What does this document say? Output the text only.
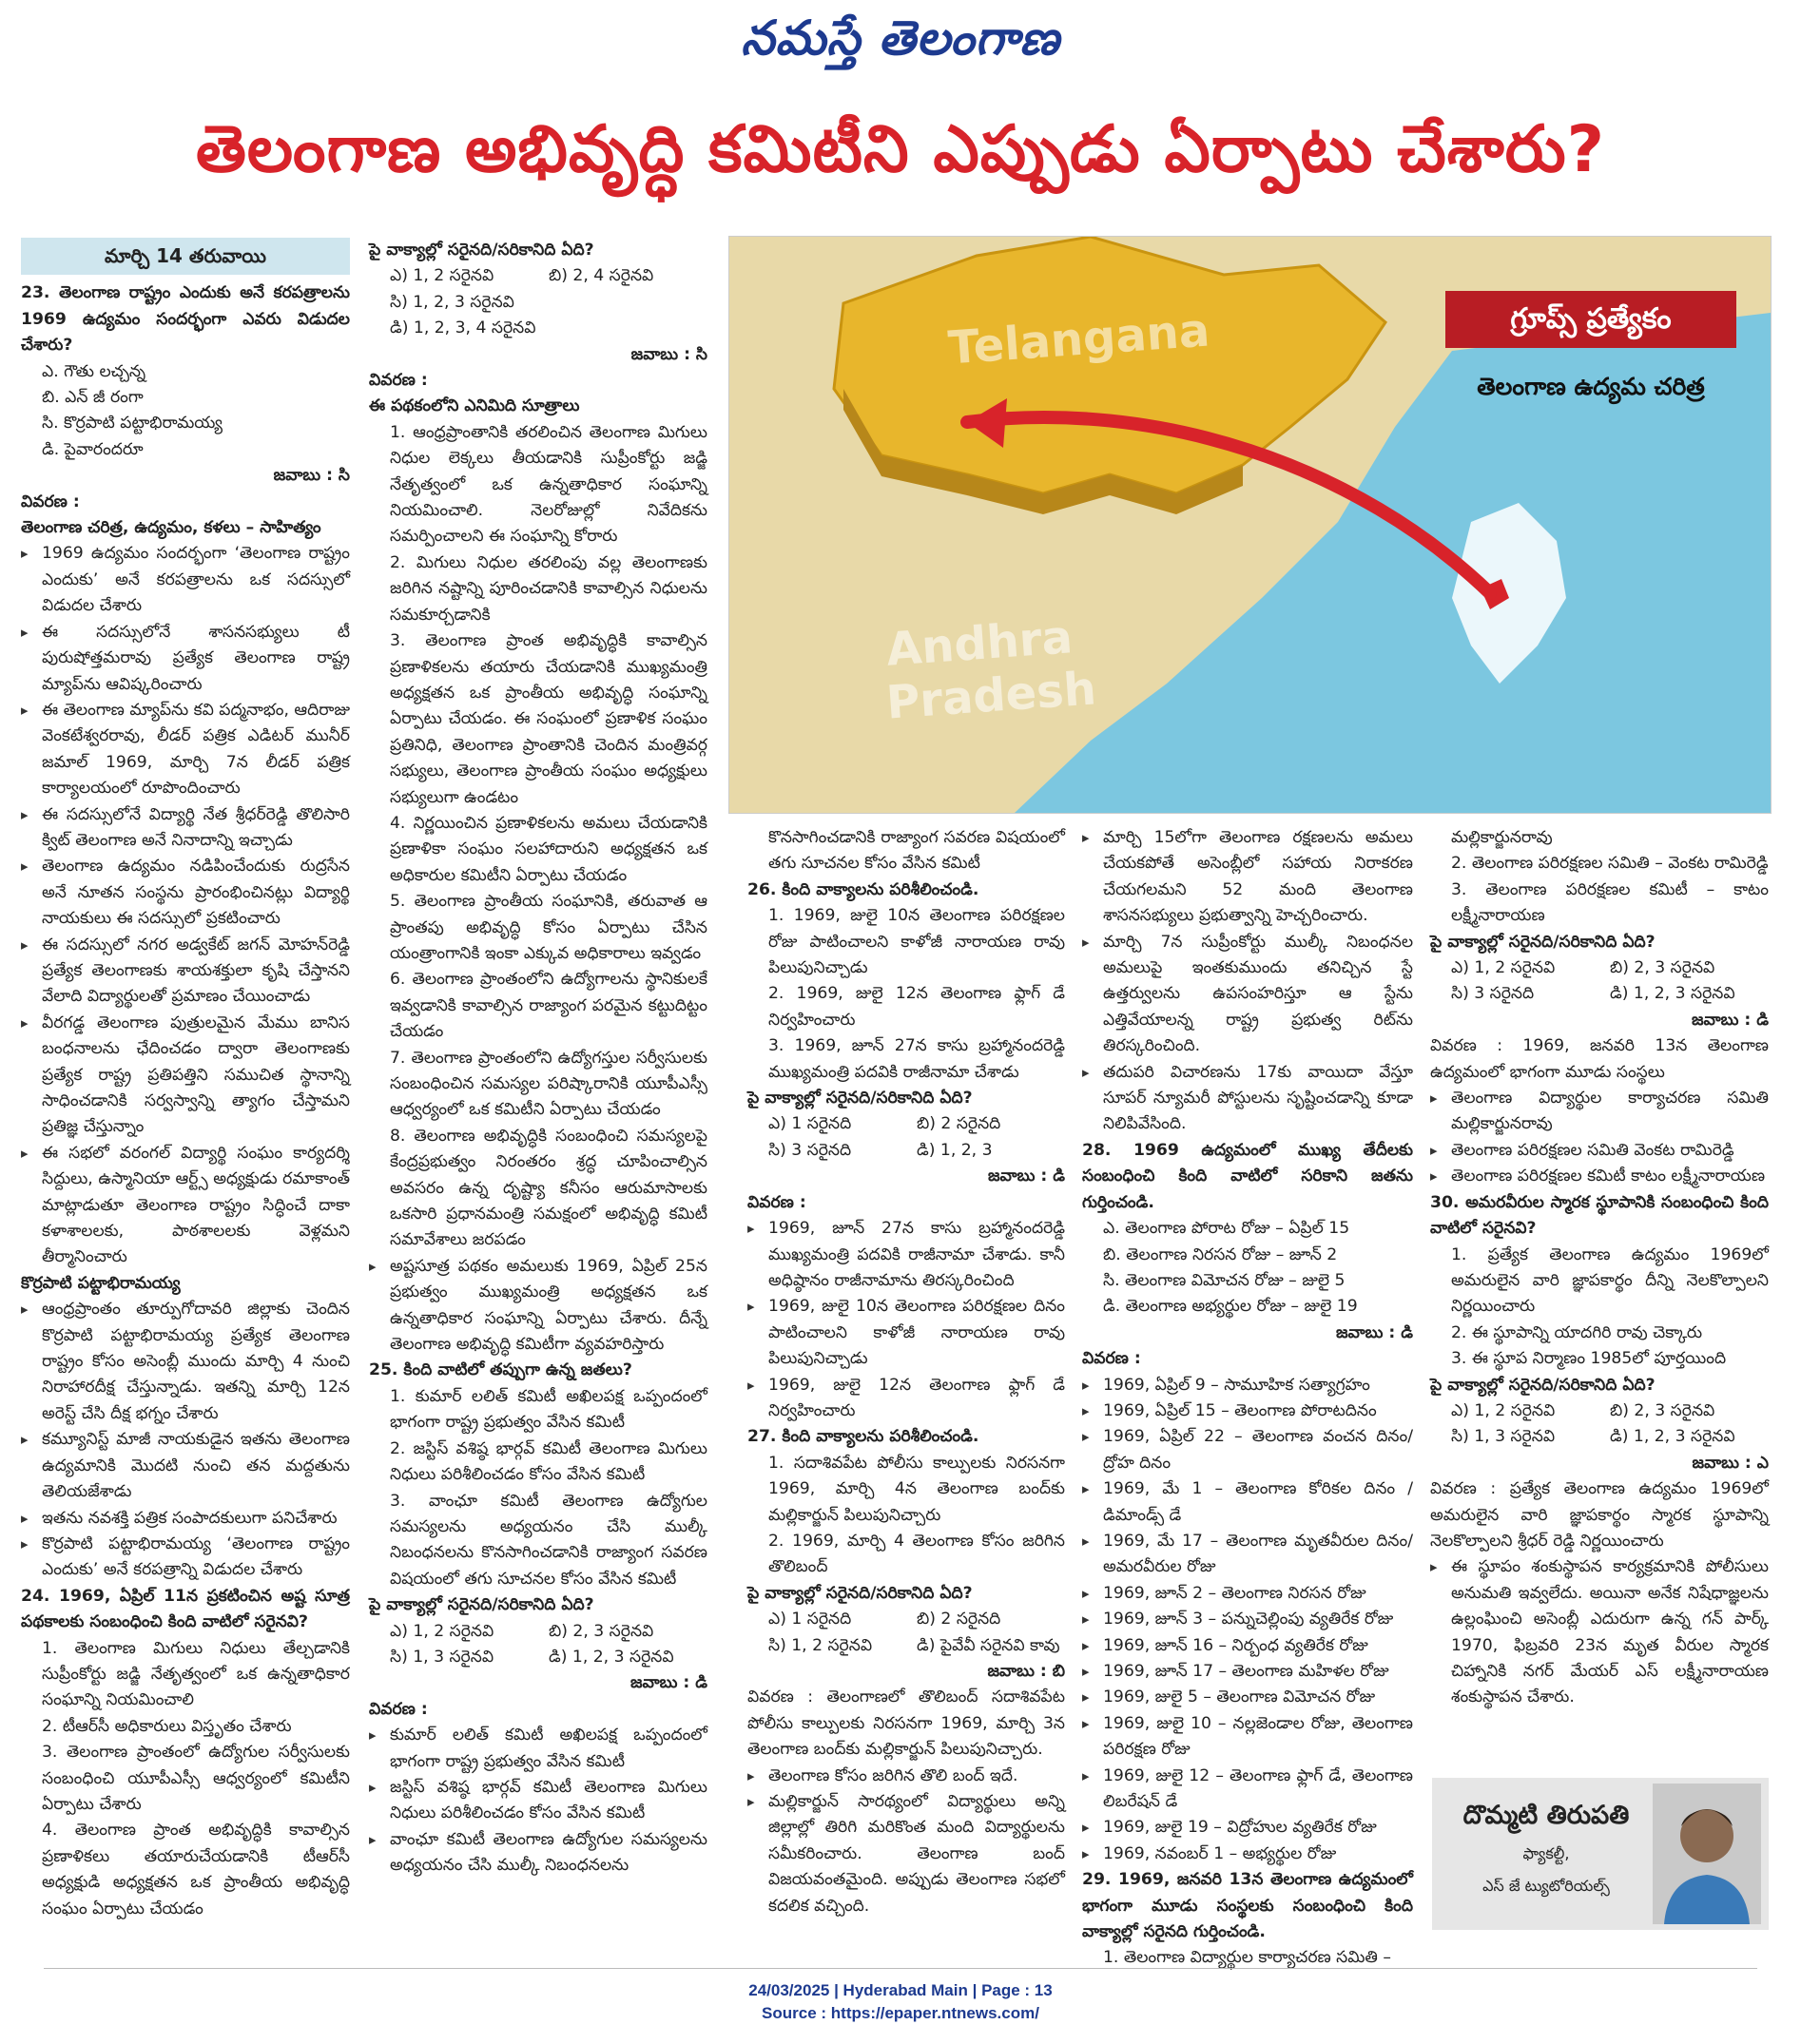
నమస్తే తెలంగాణ
తెలంగాణ అభివృద్ధి కమిటీని ఎప్పుడు ఏర్పాటు చేశారు?
మార్చి 14 తరువాయి

23. తెలంగాణ రాష్ట్రం ఎందుకు అనే కరపత్రాలను 1969 ఉద్యమం సందర్భంగా ఎవరు విడుదల చేశారు?

ఎ. గౌతు లచ్చన్న

బి. ఎన్ జీ రంగా

సి. కొర్రపాటి పట్టాభిరామయ్య

డి. పైవారందరూ

జవాబు : సి

వివరణ :

తెలంగాణ చరిత్ర, ఉద్యమం, కళలు – సాహిత్యం

▸ 1969 ఉద్యమం సందర్భంగా ‘తెలంగాణ రాష్ట్రం ఎందుకు’ అనే కరపత్రాలను ఒక సదస్సులో విడుదల చేశారు

▸ ఈ సదస్సులోనే శాసనసభ్యులు టీ పురుషోత్తమరావు ప్రత్యేక తెలంగాణ రాష్ట్ర మ్యాప్‌ను ఆవిష్కరించారు

▸ ఈ తెలంగాణ మ్యాప్‌ను కవి పద్మనాభం, ఆదిరాజు వెంకటేశ్వరరావు, లీడర్ పత్రిక ఎడిటర్ మునీర్ జమాల్ 1969, మార్చి 7న లీడర్ పత్రిక కార్యాలయంలో రూపొందించారు

▸ ఈ సదస్సులోనే విద్యార్థి నేత శ్రీధర్‌రెడ్డి తొలిసారి క్విట్ తెలంగాణ అనే నినాదాన్ని ఇచ్చాడు

▸ తెలంగాణ ఉద్యమం నడిపించేందుకు రుద్రసేన అనే నూతన సంస్థను ప్రారంభించినట్లు విద్యార్థి నాయకులు ఈ సదస్సులో ప్రకటించారు

▸ ఈ సదస్సులో నగర అడ్వకేట్ జగన్ మోహన్‌రెడ్డి ప్రత్యేక తెలంగాణకు శాయశక్తులా కృషి చేస్తానని వేలాది విద్యార్థులతో ప్రమాణం చేయించాడు

▸ వీరగడ్డ తెలంగాణ పుత్రులమైన మేము బానిస బంధనాలను ఛేదించడం ద్వారా తెలంగాణకు ప్రత్యేక రాష్ట్ర ప్రతిపత్తిని సముచిత స్థానాన్ని సాధించడానికి సర్వస్వాన్ని త్యాగం చేస్తామని ప్రతిజ్ఞ చేస్తున్నాం

▸ ఈ సభలో వరంగల్ విద్యార్థి సంఘం కార్యదర్శి సిద్దులు, ఉస్మానియా ఆర్ట్స్ అధ్యక్షుడు రమాకాంత్ మాట్లాడుతూ తెలంగాణ రాష్ట్రం సిద్ధించే దాకా కళాశాలలకు, పాఠశాలలకు వెళ్లమని తీర్మానించారు

కొర్రపాటి పట్టాభిరామయ్య

▸ ఆంధ్రప్రాంతం తూర్పుగోదావరి జిల్లాకు చెందిన కొర్రపాటి పట్టాభిరామయ్య ప్రత్యేక తెలంగాణ రాష్ట్రం కోసం అసెంబ్లీ ముందు మార్చి 4 నుంచి నిరాహారదీక్ష చేస్తున్నాడు. ఇతన్ని మార్చి 12న అరెస్ట్ చేసి దీక్ష భగ్నం చేశారు

▸ కమ్యూనిస్ట్ మాజీ నాయకుడైన ఇతను తెలంగాణ ఉద్యమానికి మొదటి నుంచి తన మద్దతును తెలియజేశాడు

▸ ఇతను నవశక్తి పత్రిక సంపాదకులుగా పనిచేశారు

▸ కొర్రపాటి పట్టాభిరామయ్య ‘తెలంగాణ రాష్ట్రం ఎందుకు’ అనే కరపత్రాన్ని విడుదల చేశారు

24. 1969, ఏప్రిల్ 11న ప్రకటించిన అష్ట సూత్ర పథకాలకు సంబంధించి కింది వాటిలో సరైనవి?

1. తెలంగాణ మిగులు నిధులు తేల్చడానికి సుప్రీంకోర్టు జడ్జి నేతృత్వంలో ఒక ఉన్నతాధికార సంఘాన్ని నియమించాలి

2. టీఆర్‌సీ అధికారులు విస్తృతం చేశారు

3. తెలంగాణ ప్రాంతంలో ఉద్యోగుల సర్వీసులకు సంబంధించి యూపీఎస్సీ ఆధ్వర్యంలో కమిటీని ఏర్పాటు చేశారు

4. తెలంగాణ ప్రాంత అభివృద్ధికి కావాల్సిన ప్రణాళికలు తయారుచేయడానికి టీఆర్‌సీ అధ్యక్షుడి అధ్యక్షతన ఒక ప్రాంతీయ అభివృద్ధి సంఘం ఏర్పాటు చేయడం

పై వాక్యాల్లో సరైనది/సరికానిది ఏది?

ఎ) 1, 2 సరైనవి	బి) 2, 4 సరైనవి

సి) 1, 2, 3 సరైనవి

డి) 1, 2, 3, 4 సరైనవి

జవాబు : సి

వివరణ :

ఈ పథకంలోని ఎనిమిది సూత్రాలు

1. ఆంధ్రప్రాంతానికి తరలించిన తెలంగాణ మిగులు నిధుల లెక్కలు తీయడానికి సుప్రీంకోర్టు జడ్జి నేతృత్వంలో ఒక ఉన్నతాధికార సంఘాన్ని నియమించాలి. నెలరోజుల్లో నివేదికను సమర్పించాలని ఈ సంఘాన్ని కోరారు

2. మిగులు నిధుల తరలింపు వల్ల తెలంగాణకు జరిగిన నష్టాన్ని పూరించడానికి కావాల్సిన నిధులను సమకూర్చడానికి

3. తెలంగాణ ప్రాంత అభివృద్ధికి కావాల్సిన ప్రణాళికలను తయారు చేయడానికి ముఖ్యమంత్రి అధ్యక్షతన ఒక ప్రాంతీయ అభివృద్ధి సంఘాన్ని ఏర్పాటు చేయడం. ఈ సంఘంలో ప్రణాళిక సంఘం ప్రతినిధి, తెలంగాణ ప్రాంతానికి చెందిన మంత్రివర్గ సభ్యులు, తెలంగాణ ప్రాంతీయ సంఘం అధ్యక్షులు సభ్యులుగా ఉండటం

4. నిర్ణయించిన ప్రణాళికలను అమలు చేయడానికి ప్రణాళికా సంఘం సలహాదారుని అధ్యక్షతన ఒక అధికారుల కమిటీని ఏర్పాటు చేయడం

5. తెలంగాణ ప్రాంతీయ సంఘానికి, తరువాత ఆ ప్రాంతపు అభివృద్ధి కోసం ఏర్పాటు చేసిన యంత్రాంగానికి ఇంకా ఎక్కువ అధికారాలు ఇవ్వడం

6. తెలంగాణ ప్రాంతంలోని ఉద్యోగాలను స్థానికులకే ఇవ్వడానికి కావాల్సిన రాజ్యాంగ పరమైన కట్టుదిట్టం చేయడం

7. తెలంగాణ ప్రాంతంలోని ఉద్యోగస్తుల సర్వీసులకు సంబంధించిన సమస్యల పరిష్కారానికి యూపీఎస్సీ ఆధ్వర్యంలో ఒక కమిటీని ఏర్పాటు చేయడం

8. తెలంగాణ అభివృద్ధికి సంబంధించి సమస్యలపై కేంద్రప్రభుత్వం నిరంతరం శ్రద్ధ చూపించాల్సిన అవసరం ఉన్న దృష్ట్యా కనీసం ఆరుమాసాలకు ఒకసారి ప్రధానమంత్రి సమక్షంలో అభివృద్ధి కమిటీ సమావేశాలు జరపడం

▸ అష్టసూత్ర పథకం అమలుకు 1969, ఏప్రిల్ 25న ప్రభుత్వం ముఖ్యమంత్రి అధ్యక్షతన ఒక ఉన్నతాధికార సంఘాన్ని ఏర్పాటు చేశారు. దీన్నే తెలంగాణ అభివృద్ధి కమిటీగా వ్యవహరిస్తారు

25. కింది వాటిలో తప్పుగా ఉన్న జతలు?

1. కుమార్ లలిత్ కమిటీ అఖిలపక్ష ఒప్పందంలో భాగంగా రాష్ట్ర ప్రభుత్వం వేసిన కమిటీ

2. జస్టిస్ వశిష్ఠ భార్గవ్ కమిటీ తెలంగాణ మిగులు నిధులు పరిశీలించడం కోసం వేసిన కమిటీ

3. వాంఛూ కమిటీ తెలంగాణ ఉద్యోగుల సమస్యలను అధ్యయనం చేసి ముల్కీ నిబంధనలను కొనసాగించడానికి రాజ్యాంగ సవరణ విషయంలో తగు సూచనల కోసం వేసిన కమిటీ

పై వాక్యాల్లో సరైనది/సరికానిది ఏది?

ఎ) 1, 2 సరైనవి	బి) 2, 3 సరైనవి
సి) 1, 3 సరైనవి	డి) 1, 2, 3 సరైనవి

జవాబు : డి

వివరణ :

▸ కుమార్ లలిత్ కమిటీ అఖిలపక్ష ఒప్పందంలో భాగంగా రాష్ట్ర ప్రభుత్వం వేసిన కమిటీ

▸ జస్టిస్ వశిష్ఠ భార్గవ్ కమిటీ తెలంగాణ మిగులు నిధులు పరిశీలించడం కోసం వేసిన కమిటీ

▸ వాంఛూ కమిటీ తెలంగాణ ఉద్యోగుల సమస్యలను అధ్యయనం చేసి ముల్కీ నిబంధనలను

Telangana
Andhra
Pradesh
గ్రూప్స్ ప్రత్యేకం
తెలంగాణ ఉద్యమ చరిత్ర

కొనసాగించడానికి రాజ్యాంగ సవరణ విషయంలో తగు సూచనల కోసం వేసిన కమిటీ

26. కింది వాక్యాలను పరిశీలించండి.

1. 1969, జులై 10న తెలంగాణ పరిరక్షణల రోజు పాటించాలని కాళోజీ నారాయణ రావు పిలుపునిచ్చాడు

2. 1969, జులై 12న తెలంగాణ ఫ్లాగ్ డే నిర్వహించారు

3. 1969, జూన్ 27న కాసు బ్రహ్మానందరెడ్డి ముఖ్యమంత్రి పదవికి రాజీనామా చేశాడు

పై వాక్యాల్లో సరైనది/సరికానిది ఏది?

ఎ) 1 సరైనది	బి) 2 సరైనది
సి) 3 సరైనది	డి) 1, 2, 3

జవాబు : డి

వివరణ :

▸ 1969, జూన్ 27న కాసు బ్రహ్మానందరెడ్డి ముఖ్యమంత్రి పదవికి రాజీనామా చేశాడు. కానీ అధిష్ఠానం రాజీనామాను తిరస్కరించింది

▸ 1969, జులై 10న తెలంగాణ పరిరక్షణల దినం పాటించాలని కాళోజీ నారాయణ రావు పిలుపునిచ్చాడు

▸ 1969, జులై 12న తెలంగాణ ఫ్లాగ్ డే నిర్వహించారు

27. కింది వాక్యాలను పరిశీలించండి.

1. సదాశివపేట పోలీసు కాల్పులకు నిరసనగా 1969, మార్చి 4న తెలంగాణ బంద్‌కు మల్లికార్జున్ పిలుపునిచ్చారు

2. 1969, మార్చి 4 తెలంగాణ కోసం జరిగిన తొలిబంద్

పై వాక్యాల్లో సరైనది/సరికానిది ఏది?

ఎ) 1 సరైనది	బి) 2 సరైనది
సి) 1, 2 సరైనవి	డి) పైవేవీ సరైనవి కావు

జవాబు : బి

వివరణ : తెలంగాణలో తొలిబంద్ సదాశివపేట పోలీసు కాల్పులకు నిరసనగా 1969, మార్చి 3న తెలంగాణ బంద్‌కు మల్లికార్జున్ పిలుపునిచ్చారు.

▸ తెలంగాణ కోసం జరిగిన తొలి బంద్ ఇదే.

▸ మల్లికార్జున్ సారథ్యంలో విద్యార్థులు అన్ని జిల్లాల్లో తిరిగి మరికొంత మంది విద్యార్థులను సమీకరించారు. తెలంగాణ బంద్ విజయవంతమైంది. అప్పుడు తెలంగాణ సభలో కదలిక వచ్చింది.

▸ మార్చి 15లోగా తెలంగాణ రక్షణలను అమలు చేయకపోతే అసెంబ్లీలో సహాయ నిరాకరణ చేయగలమని 52 మంది తెలంగాణ శాసనసభ్యులు ప్రభుత్వాన్ని హెచ్చరించారు.

▸ మార్చి 7న సుప్రీంకోర్టు ముల్కీ నిబంధనల అమలుపై ఇంతకుముందు తనిచ్చిన స్టే ఉత్తర్వులను ఉపసంహరిస్తూ ఆ స్టేను ఎత్తివేయాలన్న రాష్ట్ర ప్రభుత్వ రిట్‌ను తిరస్కరించింది.

▸ తదుపరి విచారణను 17కు వాయిదా వేస్తూ సూపర్ న్యూమరీ పోస్టులను సృష్టించడాన్ని కూడా నిలిపివేసింది.

28. 1969 ఉద్యమంలో ముఖ్య తేదీలకు సంబంధించి కింది వాటిలో సరికాని జతను గుర్తించండి.

ఎ. తెలంగాణ పోరాట రోజు – ఏప్రిల్ 15

బి. తెలంగాణ నిరసన రోజు – జూన్ 2

సి. తెలంగాణ విమోచన రోజు – జులై 5

డి. తెలంగాణ అభ్యర్థుల రోజు – జులై 19

జవాబు : డి

వివరణ :

▸ 1969, ఏప్రిల్ 9 – సామూహిక సత్యాగ్రహం

▸ 1969, ఏప్రిల్ 15 – తెలంగాణ పోరాటదినం

▸ 1969, ఏప్రిల్ 22 – తెలంగాణ వంచన దినం/ ద్రోహ దినం

▸ 1969, మే 1 – తెలంగాణ కోరికల దినం / డిమాండ్స్ డే

▸ 1969, మే 17 – తెలంగాణ మృతవీరుల దినం/ అమరవీరుల రోజు

▸ 1969, జూన్ 2 – తెలంగాణ నిరసన రోజు

▸ 1969, జూన్ 3 – పన్నుచెల్లింపు వ్యతిరేక రోజు

▸ 1969, జూన్ 16 – నిర్బంధ వ్యతిరేక రోజు

▸ 1969, జూన్ 17 – తెలంగాణ మహిళల రోజు

▸ 1969, జులై 5 – తెలంగాణ విమోచన రోజు

▸ 1969, జులై 10 – నల్లజెండాల రోజు, తెలంగాణ పరిరక్షణ రోజు

▸ 1969, జులై 12 – తెలంగాణ ఫ్లాగ్ డే, తెలంగాణ లిబరేషన్ డే

▸ 1969, జులై 19 – విద్రోహుల వ్యతిరేక రోజు

▸ 1969, నవంబర్ 1 – అభ్యర్థుల రోజు

29. 1969, జనవరి 13న తెలంగాణ ఉద్యమంలో భాగంగా మూడు సంస్థలకు సంబంధించి కింది వాక్యాల్లో సరైనది గుర్తించండి.

1. తెలంగాణ విద్యార్థుల కార్యాచరణ సమితి –

మల్లికార్జునరావు

2. తెలంగాణ పరిరక్షణల సమితి – వెంకట రామిరెడ్డి

3. తెలంగాణ పరిరక్షణల కమిటీ – కాటం లక్ష్మీనారాయణ

పై వాక్యాల్లో సరైనది/సరికానిది ఏది?

ఎ) 1, 2 సరైనవి	బి) 2, 3 సరైనవి
సి) 3 సరైనది	డి) 1, 2, 3 సరైనవి

జవాబు : డి

వివరణ : 1969, జనవరి 13న తెలంగాణ ఉద్యమంలో భాగంగా మూడు సంస్థలు

▸ తెలంగాణ విద్యార్థుల కార్యాచరణ సమితి మల్లికార్జునరావు

▸ తెలంగాణ పరిరక్షణల సమితి వెంకట రామిరెడ్డి

▸ తెలంగాణ పరిరక్షణల కమిటీ కాటం లక్ష్మీనారాయణ

30. అమరవీరుల స్మారక స్థూపానికి సంబంధించి కింది వాటిలో సరైనవి?

1. ప్రత్యేక తెలంగాణ ఉద్యమం 1969లో అమరులైన వారి జ్ఞాపకార్థం దీన్ని నెలకొల్పాలని నిర్ణయించారు

2. ఈ స్థూపాన్ని యాదగిరి రావు చెక్కారు

3. ఈ స్థూప నిర్మాణం 1985లో పూర్తయింది

పై వాక్యాల్లో సరైనది/సరికానిది ఏది?

ఎ) 1, 2 సరైనవి	బి) 2, 3 సరైనవి
సి) 1, 3 సరైనవి	డి) 1, 2, 3 సరైనవి

జవాబు : ఎ

వివరణ : ప్రత్యేక తెలంగాణ ఉద్యమం 1969లో అమరులైన వారి జ్ఞాపకార్థం స్మారక స్థూపాన్ని నెలకొల్పాలని శ్రీధర్ రెడ్డి నిర్ణయించారు

▸ ఈ స్థూపం శంకుస్థాపన కార్యక్రమానికి పోలీసులు అనుమతి ఇవ్వలేదు. అయినా అనేక నిషేధాజ్ఞలను ఉల్లంఘించి అసెంబ్లీ ఎదురుగా ఉన్న గన్ పార్క్ 1970, ఫిబ్రవరి 23న మృత వీరుల స్మారక చిహ్నానికి నగర్ మేయర్ ఎస్ లక్ష్మీనారాయణ శంకుస్థాపన చేశారు.

దొమ్మటి తిరుపతి
ఫ్యాకల్టీ,
ఎస్ జే ట్యుటోరియల్స్
24/03/2025 | Hyderabad Main | Page : 13
Source : https://epaper.ntnews.com/
